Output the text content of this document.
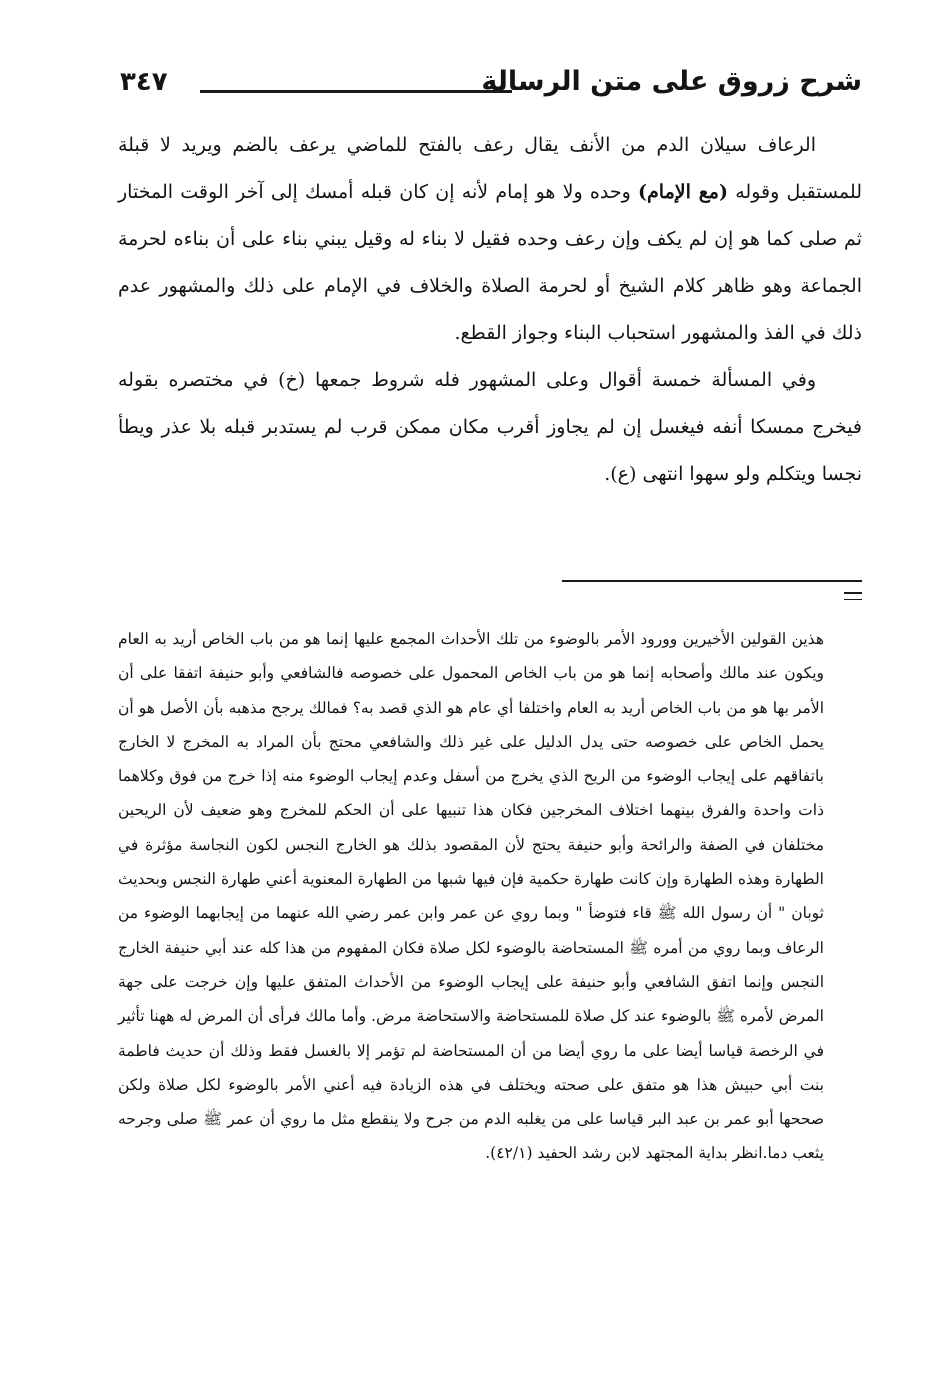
٣٤٧	شرح زروق على متن الرسالة

الرعاف سيلان الدم من الأنف يقال رعف بالفتح للماضي يرعف بالضم ويريد لا قبلة للمستقبل وقوله (مع الإمام) وحده ولا هو إمام لأنه إن كان قبله أمسك إلى آخر الوقت المختار ثم صلى كما هو إن لم يكف وإن رعف وحده فقيل لا بناء له وقيل يبني بناء على أن بناءه لحرمة الجماعة وهو ظاهر كلام الشيخ أو لحرمة الصلاة والخلاف في الإمام على ذلك والمشهور عدم ذلك في الفذ والمشهور استحباب البناء وجواز القطع.

وفي المسألة خمسة أقوال وعلى المشهور فله شروط جمعها (خ) في مختصره بقوله فيخرج ممسكا أنفه فيغسل إن لم يجاوز أقرب مكان ممكن قرب لم يستدبر قبله بلا عذر ويطأ نجسا ويتكلم ولو سهوا انتهى (ع).

هذين القولين الأخيرين وورود الأمر بالوضوء من تلك الأحداث المجمع عليها إنما هو من باب الخاص أريد به العام ويكون عند مالك وأصحابه إنما هو من باب الخاص المحمول على خصوصه فالشافعي وأبو حنيفة اتفقا على أن الأمر بها هو من باب الخاص أريد به العام واختلفا أي عام هو الذي قصد به؟ فمالك يرجح مذهبه بأن الأصل هو أن يحمل الخاص على خصوصه حتى يدل الدليل على غير ذلك والشافعي محتج بأن المراد به المخرج لا الخارج باتفاقهم على إيجاب الوضوء من الريح الذي يخرج من أسفل وعدم إيجاب الوضوء منه إذا خرج من فوق وكلاهما ذات واحدة والفرق بينهما اختلاف المخرجين فكان هذا تنبيها على أن الحكم للمخرج وهو ضعيف لأن الريحين مختلفان في الصفة والرائحة وأبو حنيفة يحتج لأن المقصود بذلك هو الخارج النجس لكون النجاسة مؤثرة في الطهارة وهذه الطهارة وإن كانت طهارة حكمية فإن فيها شبها من الطهارة المعنوية أعني طهارة النجس وبحديث ثوبان " أن رسول الله ﷺ قاء فتوضأ " وبما روي عن عمر وابن عمر رضي الله عنهما من إيجابهما الوضوء من الرعاف وبما روي من أمره ﷺ المستحاضة بالوضوء لكل صلاة فكان المفهوم من هذا كله عند أبي حنيفة الخارج النجس وإنما اتفق الشافعي وأبو حنيفة على إيجاب الوضوء من الأحداث المتفق عليها وإن خرجت على جهة المرض لأمره ﷺ بالوضوء عند كل صلاة للمستحاضة والاستحاضة مرض. وأما مالك فرأى أن المرض له ههنا تأثير في الرخصة قياسا أيضا على ما روي أيضا من أن المستحاضة لم تؤمر إلا بالغسل فقط وذلك أن حديث فاطمة بنت أبي حبيش هذا هو متفق على صحته ويختلف في هذه الزيادة فيه أعني الأمر بالوضوء لكل صلاة ولكن صححها أبو عمر بن عبد البر قياسا على من يغلبه الدم من جرح ولا ينقطع مثل ما روي أن عمر ﷺ صلى وجرحه يثعب دما.انظر بداية المجتهد لابن رشد الحفيد (٤٢/١).
